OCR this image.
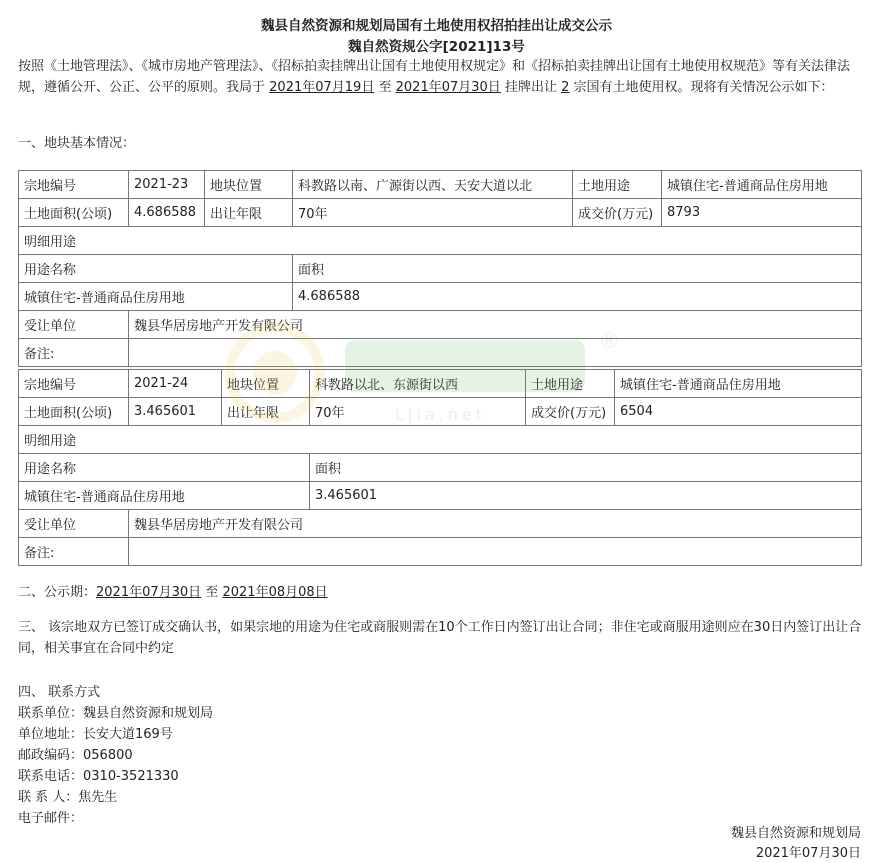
魏县自然资源和规划局国有土地使用权招拍挂出让成交公示
魏自然资规公字[2021]13号
按照《土地管理法》、《城市房地产管理法》、《招标拍卖挂牌出让国有土地使用权规定》和《招标拍卖挂牌出让国有土地使用权规范》等有关法律法规，遵循公开、公正、公平的原则。我局于 2021年07月19日 至 2021年07月30日 挂牌出让 2 宗国有土地使用权。现将有关情况公示如下：
一、地块基本情况：
宗地编号	2021-23	地块位置	科教路以南、广源街以西、天安大道以北	土地用途	城镇住宅-普通商品住房用地
土地面积(公顷)	4.686588	出让年限	70年	成交价(万元)	8793
明细用途					
用途名称			面积		
城镇住宅-普通商品住房用地			4.686588		
受让单位	魏县华居房地产开发有限公司				
备注:					
宗地编号	2021-24	地块位置	科教路以北、东源街以西	土地用途	城镇住宅-普通商品住房用地
土地面积(公顷)	3.465601	出让年限	70年	成交价(万元)	6504
明细用途					
用途名称			面积		
城镇住宅-普通商品住房用地			3.465601		
受让单位	魏县华居房地产开发有限公司				
备注:					
Ljia.net
®
二、公示期：2021年07月30日 至 2021年08月08日
三、 该宗地双方已签订成交确认书，如果宗地的用途为住宅或商服则需在10个工作日内签订出让合同；非住宅或商服用途则应在30日内签订出让合同，相关事宜在合同中约定
四、 联系方式
联系单位：魏县自然资源和规划局
单位地址：长安大道169号
邮政编码：056800
联系电话：0310-3521330
联 系 人：焦先生
电子邮件：
魏县自然资源和规划局
2021年07月30日
